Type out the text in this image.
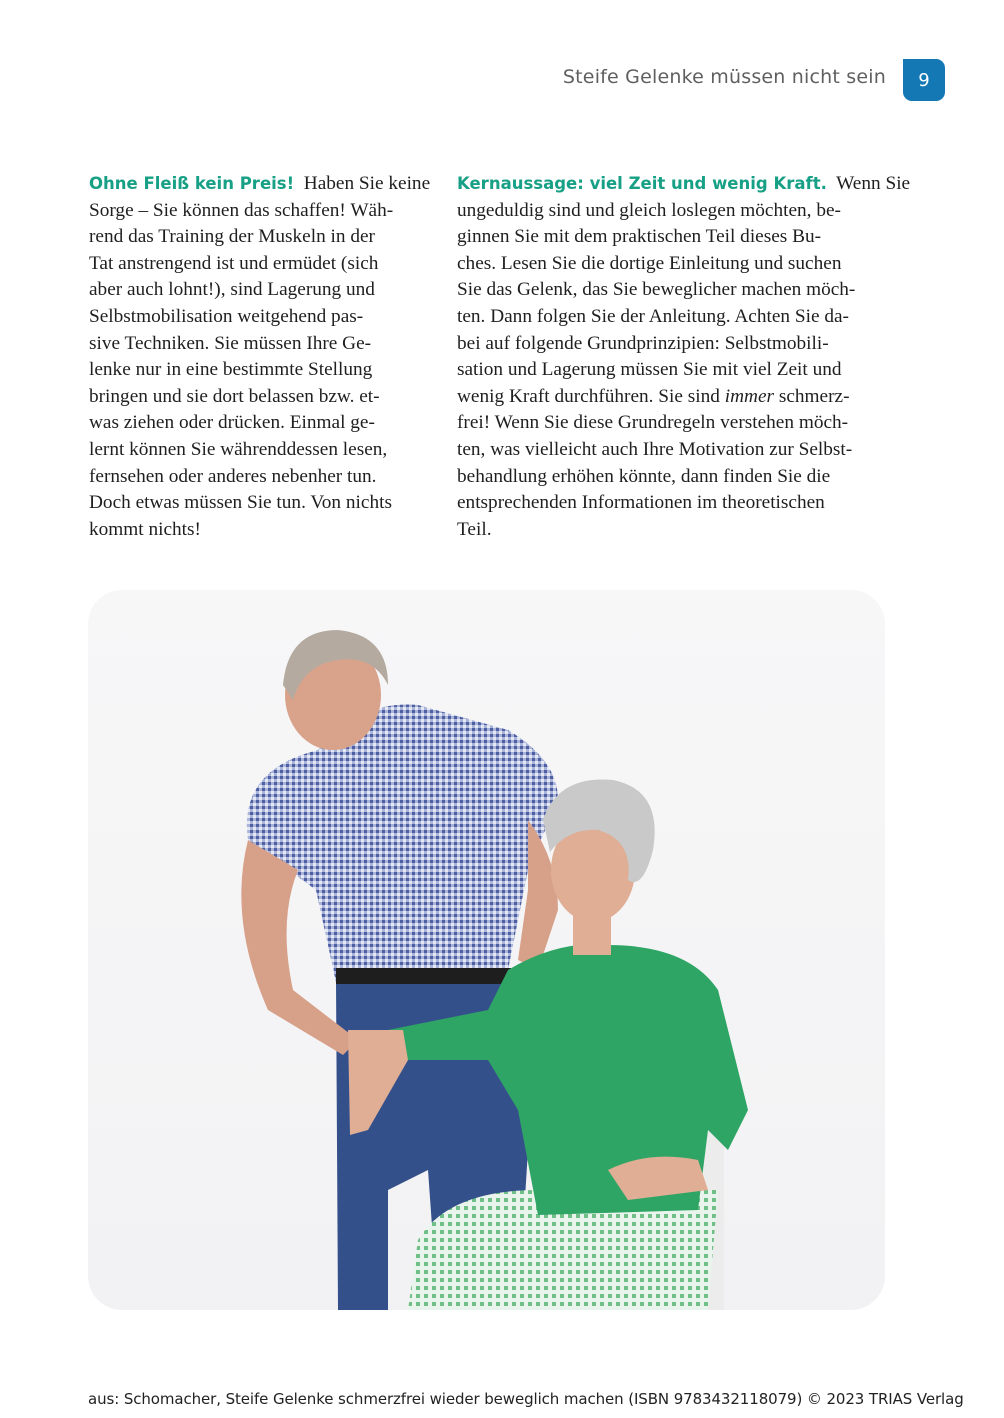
Steife Gelenke müssen nicht sein	9
Ohne Fleiß kein Preis! Haben Sie keine
Sorge – Sie können das schaffen! Wäh-
rend das Training der Muskeln in der
Tat anstrengend ist und ermüdet (sich
aber auch lohnt!), sind Lagerung und
Selbstmobilisation weitgehend pas-
sive Techniken. Sie müssen Ihre Ge-
lenke nur in eine bestimmte Stellung
bringen und sie dort belassen bzw. et-
was ziehen oder drücken. Einmal ge-
lernt können Sie währenddessen lesen,
fernsehen oder anderes nebenher tun.
Doch etwas müssen Sie tun. Von nichts
kommt nichts!
Kernaussage: viel Zeit und wenig Kraft. Wenn Sie
ungeduldig sind und gleich loslegen möchten, be-
ginnen Sie mit dem praktischen Teil dieses Bu-
ches. Lesen Sie die dortige Einleitung und suchen
Sie das Gelenk, das Sie beweglicher machen möch-
ten. Dann folgen Sie der Anleitung. Achten Sie da-
bei auf folgende Grundprinzipien: Selbstmobili-
sation und Lagerung müssen Sie mit viel Zeit und
wenig Kraft durchführen. Sie sind immer schmerz-
frei! Wenn Sie diese Grundregeln verstehen möch-
ten, was vielleicht auch Ihre Motivation zur Selbst-
behandlung erhöhen könnte, dann finden Sie die
entsprechenden Informationen im theoretischen
Teil.
aus: Schomacher, Steife Gelenke schmerzfrei wieder beweglich machen (ISBN 9783432118079) © 2023 TRIAS Verlag
